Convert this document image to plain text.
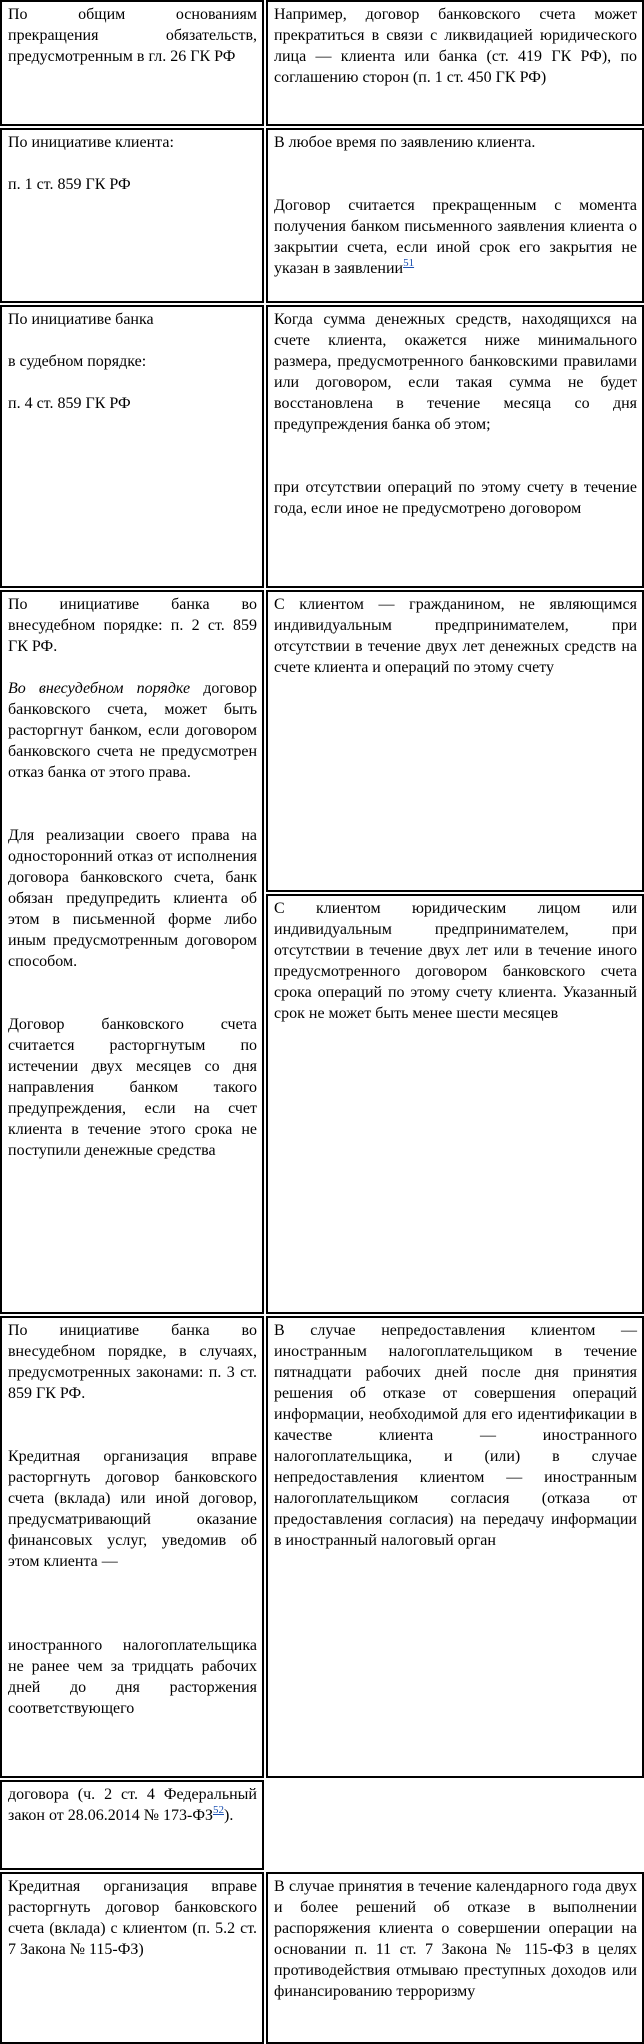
По общим основаниям прекращения обязательств, предусмотренным в гл. 26 ГК РФ

Например, договор банковского счета может прекратиться в связи с ликвидацией юридического лица — клиента или банка (ст. 419 ГК РФ), по соглашению сторон (п. 1 ст. 450 ГК РФ)

По инициативе клиента:

п. 1 ст. 859 ГК РФ

В любое время по заявлению клиента.

Договор считается прекращенным с момента получения банком письменного заявления клиента о закрытии счета, если иной срок его закрытия не указан в заявлении$^{51}$

По инициативе банка

в судебном порядке:

п. 4 ст. 859 ГК РФ

Когда сумма денежных средств, находящихся на счете клиента, окажется ниже минимального размера, предусмотренного банковскими правилами или договором, если такая сумма не будет восстановлена в течение месяца со дня предупреждения банка об этом;

при отсутствии операций по этому счету в течение года, если иное не предусмотрено договором

По инициативе банка во внесудебном порядке: п. 2 ст. 859 ГК РФ.

Во внесудебном порядке договор банковского счета, может быть расторгнут банком, если договором банковского счета не предусмотрен отказ банка от этого права.

Для реализации своего права на односторонний отказ от исполнения договора банковского счета, банк обязан предупредить клиента об этом в письменной форме либо иным предусмотренным договором способом.

Договор банковского счета считается расторгнутым по истечении двух месяцев со дня направления банком такого предупреждения, если на счет клиента в течение этого срока не поступили денежные средства

С клиентом — гражданином, не являющимся индивидуальным предпринимателем, при отсутствии в течение двух лет денежных средств на счете клиента и операций по этому счету

С клиентом юридическим лицом или индивидуальным предпринимателем, при отсутствии в течение двух лет или в течение иного предусмотренного договором банковского счета срока операций по этому счету клиента. Указанный срок не может быть менее шести месяцев

По инициативе банка во внесудебном порядке, в случаях, предусмотренных законами: п. 3 ст. 859 ГК РФ.

Кредитная организация вправе расторгнуть договор банковского счета (вклада) или иной договор, предусматривающий оказание финансовых услуг, уведомив об этом клиента —

иностранного налогоплательщика не ранее чем за тридцать рабочих дней до дня расторжения соответствующего

В случае непредоставления клиентом — иностранным налогоплательщиком в течение пятнадцати рабочих дней после дня принятия решения об отказе от совершения операций информации, необходимой для его идентификации в качестве клиента — иностранного налогоплательщика, и (или) в случае непредоставления клиентом — иностранным налогоплательщиком согласия (отказа от предоставления согласия) на передачу информации в иностранный налоговый орган

договора (ч. 2 ст. 4 Федеральный закон от 28.06.2014 № 173-ФЗ$^{52}$).

Кредитная организация вправе расторгнуть договор банковского счета (вклада) с клиентом (п. 5.2 ст. 7 Закона № 115-ФЗ)

В случае принятия в течение календарного года двух и более решений об отказе в выполнении распоряжения клиента о совершении операции на основании п. 11 ст. 7 Закона № 115-ФЗ в целях противодействия отмываю преступных доходов или финансированию терроризму
